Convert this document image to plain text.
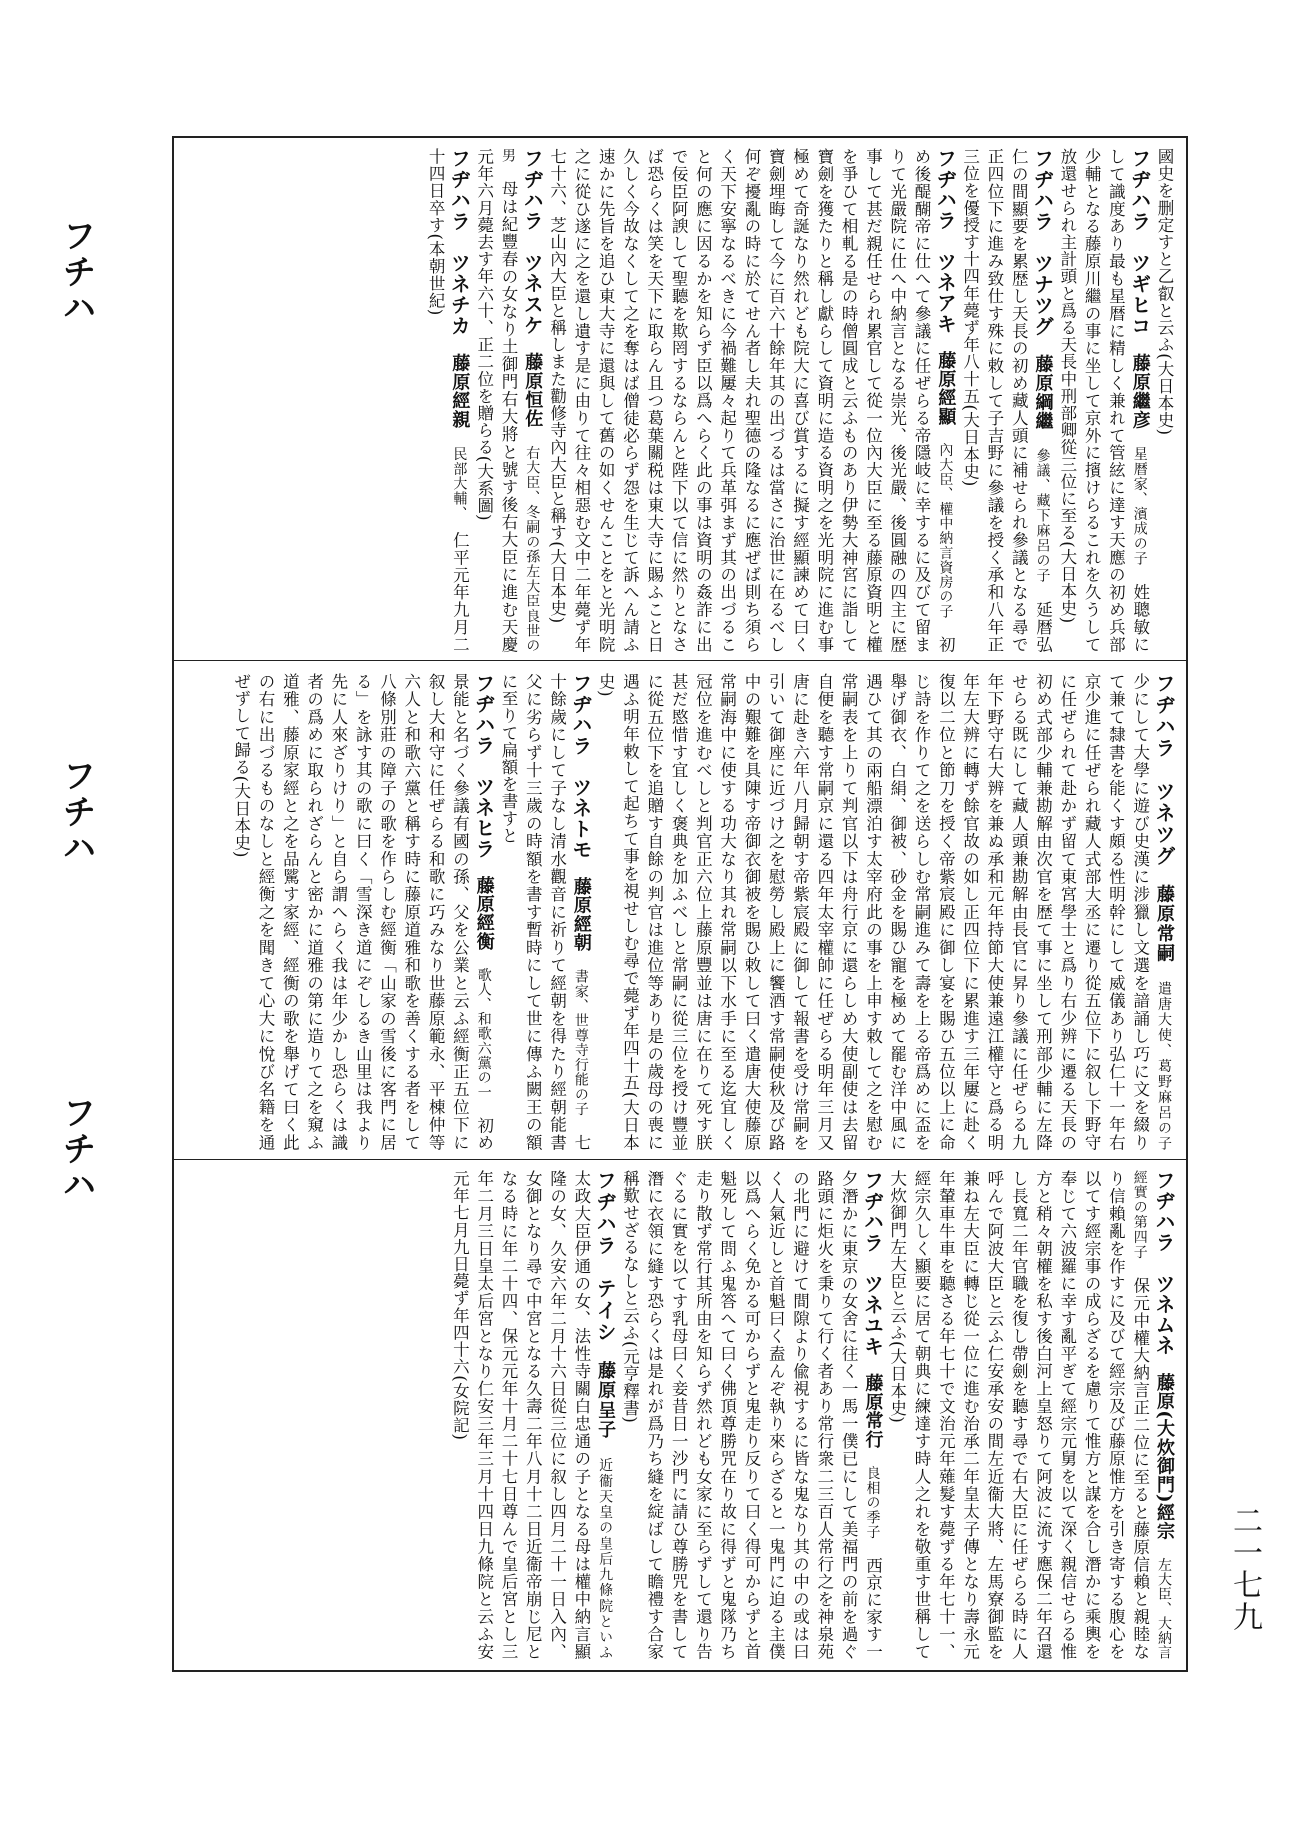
フチハ
フチハ
フチハ
二一七九

國史を删定すと乙叡と云ふ(大日本史)

フヂハラ　ツギヒコ　藤原繼彦　星暦家、濱成の子　姓聰敏にして識度あり最も星暦に精しく兼れて管絃に達す天應の初め兵部少輔となる藤原川繼の事に坐して京外に擯けらるこれを久うして放還せられ主計頭と爲る天長中刑部卿從三位に至る(大日本史)

フヂハラ　ツナツグ　藤原綱繼　參議、藏下麻呂の子　延暦弘仁の間顯要を累歴し天長の初め藏人頭に補せられ參議となる尋で正四位下に進み致仕す殊に敕して子吉野に參議を授く承和八年正三位を優授す十四年薨ず年八十五(大日本史)

フヂハラ　ツネアキ　藤原經顯　內大臣、權中納言資房の子　初め後醍醐帝に仕へて參議に任ぜらる帝隱岐に幸するに及びて留まりて光嚴院に仕へ中納言となる崇光、後光嚴、後圓融の四主に歴事して甚だ親任せられ累官して從一位內大臣に至る藤原資明と權を爭ひて相軋る是の時僧圓成と云ふものあり伊勢大神宮に詣して寶劍を獲たりと稱し獻らして資明に造る資明之を光明院に進む事極めて奇誕なり然れども院大に喜び賞するに擬す經顯諫めて曰く寶劍埋晦して今に百六十餘年其の出づるは當さに治世に在るべし何ぞ擾亂の時に於てせん者し夫れ聖德の隆なるに應ぜば則ち須らく天下安寧なるべきに今禍難屢々起りて兵革弭まず其の出づること何の應に因るかを知らず臣以爲へらく此の事は資明の姦詐に出で佞臣阿諛して聖聽を欺罔するならんと陛下以て信に然りとなさば恐らくは笑を天下に取らん且つ葛葉關税は東大寺に賜ふこと日久しく今故なくして之を奪はば僧徒必らず怨を生じて訴へん請ふ速かに先旨を追ひ東大寺に還與して舊の如くせんことをと光明院之に從ひ遂に之を還し遺す是に由りて往々相惡む文中二年薨ず年七十六、芝山內大臣と稱しまた勸修寺內大臣と稱す(大日本史)

フヂハラ　ツネスケ　藤原恒佐　右大臣、冬嗣の孫左大臣良世の男　母は紀豐春の女なり土御門右大將と號す後右大臣に進む天慶元年六月薨去す年六十、正二位を贈らる(大系圖)

フヂハラ　ツネチカ　藤原經親　民部大輔、　仁平元年九月二十四日卒す(本朝世紀)

フヂハラ　ツネツグ　藤原常嗣　遣唐大使、葛野麻呂の子　少にして大學に遊び史漢に涉獵し文選を諳誦し巧に文を綴りて兼て隸書を能くす頗る性明幹にして威儀あり弘仁十一年右京少進に任ぜられ藏人式部大丞に遷り從五位下に叙し下野守に任ぜられて赴かず留て東宮學士と爲り右少辨に遷る天長の初め式部少輔兼勘解由次官を歴て事に坐して刑部少輔に左降せらる既にして藏人頭兼勘解由長官に昇り參議に任ぜらる九年下野守右大辨を兼ぬ承和元年持節大使兼遠江權守と爲る明年左大辨に轉ず餘官故の如し正四位下に累進す三年屢に赴く復以二位と節刀を授く帝紫宸殿に御し宴を賜ひ五位以上に命じ詩を作りて之を送らしむ常嗣進みて壽を上る帝爲めに盃を舉げ御衣、白絹、御被、砂金を賜ひ寵を極めて罷む洋中風に遇ひて其の兩船漂泊す太宰府此の事を上申す敕して之を慰む常嗣表を上りて判官以下は舟行京に還らしめ大使副使は去留自便を聽す常嗣京に還る四年太宰權帥に任ぜらる明年三月又唐に赴き六年八月歸朝す帝紫宸殿に御して報書を受け常嗣を引いて御座に近づけ之を慰勞し殿上に饗酒す常嗣使秋及び路中の艱難を具陳す帝御衣御被を賜ひ敕して曰く遣唐大使藤原常嗣海中に使する功大なり其れ常嗣以下水手に至る迄宜しく冠位を進むべしと判官正六位上藤原豐並は唐に在りて死す朕甚だ愍惜す宜しく褒典を加ふべしと常嗣に從三位を授け豐並に從五位下を追贈す自餘の判官は進位等あり是の歲母の喪に遇ふ明年敕して起ちて事を視せしむ尋で薨ず年四十五(大日本史)

フヂハラ　ツネトモ　藤原經朝　書家、世尊寺行能の子　七十餘歲にして子なし清水觀音に祈りて經朝を得たり經朝能書父に劣らず十三歲の時額を書す暫時にして世に傳ふ闕王の額に至りて扁額を書すと

フヂハラ　ツネヒラ　藤原經衡　歌人、和歌六黨の一　初め景能と名づく參議有國の孫、父を公業と云ふ經衡正五位下に叙し大和守に任ぜらる和歌に巧みなり世藤原範永、平棟仲等六人と和歌六黨と稱す時に藤原道雅和歌を善くする者をして八條別莊の障子の歌を作らしむ經衡「山家の雪後に客門に居る」を詠す其の歌に曰く「雪深き道にぞしるき山里は我より先に人來ざりけり」と自ら謂へらく我は年少かし恐らくは識者の爲めに取られざらんと密かに道雅の第に造りて之を窺ふ道雅、藤原家經と之を品騭す家經、經衡の歌を舉げて曰く此の右に出づるものなしと經衡之を聞きて心大に悅び名籍を通ぜずして歸る(大日本史)

フヂハラ　ツネムネ　藤原(大炊御門)經宗　左大臣、大納言經實の第四子　保元中權大納言正二位に至ると藤原信賴と親睦なり信賴亂を作すに及びて經宗及び藤原惟方を引き寄する腹心を以てす經宗事の成らざるを慮りて惟方と謀を合し潛かに乘輿を奉じて六波羅に幸す亂平ぎて經宗元舅を以て深く親信せらる惟方と稍々朝權を私す後白河上皇怒りて阿波に流す應保二年召還し長寬二年官職を復し帶劍を聽す尋で右大臣に任ぜらる時に人呼んで阿波大臣と云ふ仁安承安の間左近衞大將、左馬寮御監を兼ね左大臣に轉じ從一位に進む治承二年皇太子傳となり壽永元年輦車牛車を聽さる年七十で文治元年薙髮す薨ずる年七十一、經宗久しく顯要に居て朝典に練達す時人之れを敬重す世稱して大炊御門左大臣と云ふ(大日本史)

フヂハラ　ツネユキ　藤原常行　良相の季子　西京に家す一夕潛かに東京の女舍に往く一馬一僕已にして美福門の前を過ぐ路頭に炬火を秉りて行く者あり常行衆二三百人常行之を神泉苑の北門に避けて間隙より偸視するに皆な鬼なり其の中の或は曰く人氣近しと首魁曰く盍んぞ執り來らざると一鬼門に迫る主僕以爲へらく免かる可からずと鬼走り反りて曰く得可からずと首魁死して問ふ鬼答へて曰く佛頂尊勝咒在り故に得ずと鬼隊乃ち走り散ず常行其所由を知らず然れども女家に至らずして還り告ぐるに實を以てす乳母曰く妾昔日一沙門に請ひ尊勝咒を書して潛に衣領に縫す恐らくは是れが爲乃ち縫を綻ばして瞻禮す合家稱歎せざるなしと云ふ(元亨釋書)

フヂハラ　テイシ　藤原呈子　近衞天皇の皇后九條院といふ　太政大臣伊通の女、法性寺關白忠通の子となる母は權中納言顯隆の女、久安六年二月十六日從三位に叙し四月二十一日入內、女御となり尋で中宮となる久壽二年八月十二日近衞帝崩じ尼となる時に年二十四、保元元年十月二十七日尊んで皇后宮とし三年二月三日皇太后宮となり仁安三年三月十四日九條院と云ふ安元年七月九日薨ず年四十六(女院記)
